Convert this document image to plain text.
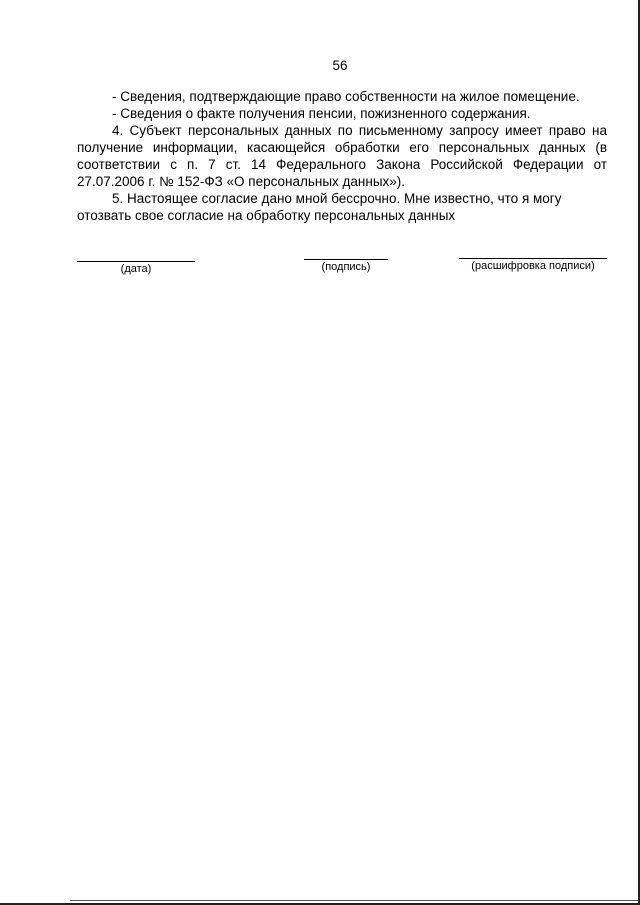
56

- Сведения, подтверждающие право собственности на жилое помещение.

- Сведения о факте получения пенсии, пожизненного содержания.

4. Субъект персональных данных по письменному запросу имеет право на получение информации, касающейся обработки его персональных данных (в соответствии с п. 7 ст. 14 Федерального Закона Российской Федерации от 27.07.2006 г. № 152-ФЗ «О персональных данных»).

5. Настоящее согласие дано мной бессрочно. Мне известно, что я могу отозвать свое согласие на обработку персональных данных

(дата)	(подпись)	(расшифровка подписи)
